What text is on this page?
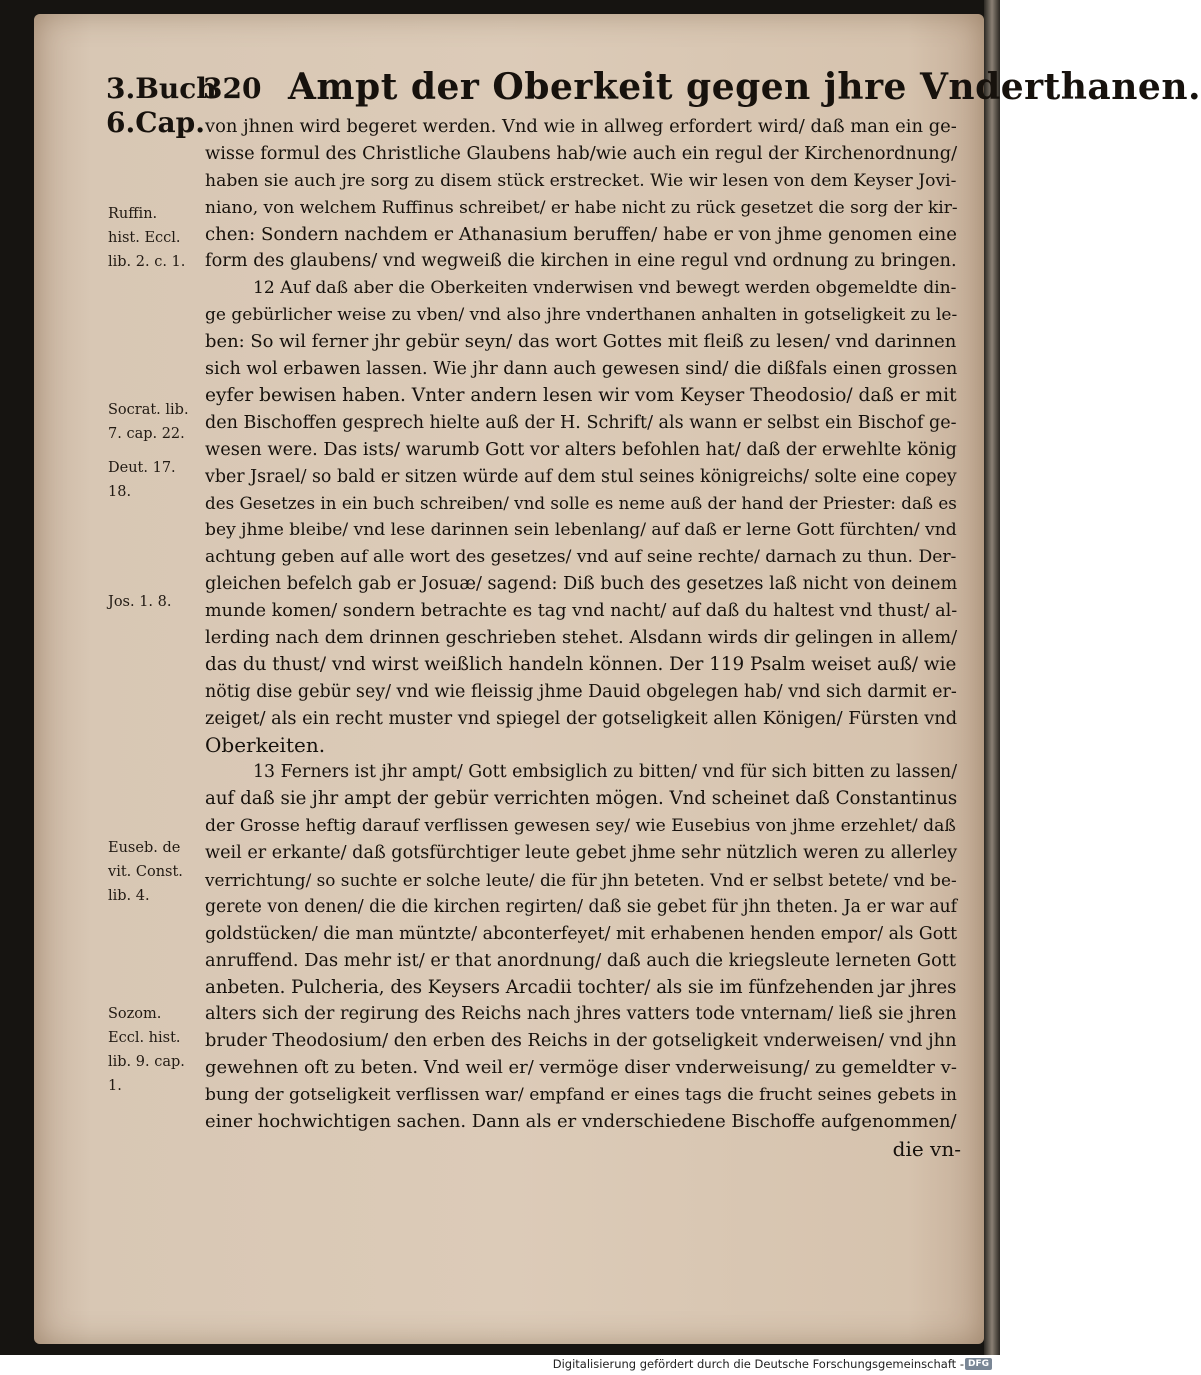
3.Buch
320 Ampt der Oberkeit gegen jhre Vnderthanen.
6.Cap. von jhnen wird begeret werden. Vnd wie in allweg erfordert wird/ daß man ein ge-
wisse formul des Christliche Glaubens hab/wie auch ein regul der Kirchenordnung/
haben sie auch jre sorg zu disem stück erstrecket. Wie wir lesen von dem Keyser Jovi-
niano, von welchem Ruffinus schreibet/ er habe nicht zu rück gesetzet die sorg der kir-
chen: Sondern nachdem er Athanasium beruffen/ habe er von jhme genomen eine
form des glaubens/ vnd wegweiß die kirchen in eine regul vnd ordnung zu bringen.
12 Auf daß aber die Oberkeiten vnderwisen vnd bewegt werden obgemeldte din-
ge gebürlicher weise zu vben/ vnd also jhre vnderthanen anhalten in gotseligkeit zu le-
ben: So wil ferner jhr gebür seyn/ das wort Gottes mit fleiß zu lesen/ vnd darinnen
sich wol erbawen lassen. Wie jhr dann auch gewesen sind/ die dißfals einen grossen
eyfer bewisen haben. Vnter andern lesen wir vom Keyser Theodosio/ daß er mit
den Bischoffen gesprech hielte auß der H. Schrift/ als wann er selbst ein Bischof ge-
wesen were. Das ists/ warumb Gott vor alters befohlen hat/ daß der erwehlte könig
vber Jsrael/ so bald er sitzen würde auf dem stul seines königreichs/ solte eine copey
des Gesetzes in ein buch schreiben/ vnd solle es neme auß der hand der Priester: daß es
bey jhme bleibe/ vnd lese darinnen sein lebenlang/ auf daß er lerne Gott fürchten/ vnd
achtung geben auf alle wort des gesetzes/ vnd auf seine rechte/ darnach zu thun. Der-
gleichen befelch gab er Josuæ/ sagend: Diß buch des gesetzes laß nicht von deinem
munde komen/ sondern betrachte es tag vnd nacht/ auf daß du haltest vnd thust/ al-
lerding nach dem drinnen geschrieben stehet. Alsdann wirds dir gelingen in allem/
das du thust/ vnd wirst weißlich handeln können. Der 119 Psalm weiset auß/ wie
nötig dise gebür sey/ vnd wie fleissig jhme Dauid obgelegen hab/ vnd sich darmit er-
zeiget/ als ein recht muster vnd spiegel der gotseligkeit allen Königen/ Fürsten vnd
Oberkeiten.
13 Ferners ist jhr ampt/ Gott embsiglich zu bitten/ vnd für sich bitten zu lassen/
auf daß sie jhr ampt der gebür verrichten mögen. Vnd scheinet daß Constantinus
der Grosse heftig darauf verflissen gewesen sey/ wie Eusebius von jhme erzehlet/ daß
weil er erkante/ daß gotsfürchtiger leute gebet jhme sehr nützlich weren zu allerley
verrichtung/ so suchte er solche leute/ die für jhn beteten. Vnd er selbst betete/ vnd be-
gerete von denen/ die die kirchen regirten/ daß sie gebet für jhn theten. Ja er war auf
goldstücken/ die man müntzte/ abconterfeyet/ mit erhabenen henden empor/ als Gott
anruffend. Das mehr ist/ er that anordnung/ daß auch die kriegsleute lerneten Gott
anbeten. Pulcheria, des Keysers Arcadii tochter/ als sie im fünfzehenden jar jhres
alters sich der regirung des Reichs nach jhres vatters tode vnternam/ ließ sie jhren
bruder Theodosium/ den erben des Reichs in der gotseligkeit vnderweisen/ vnd jhn
gewehnen oft zu beten. Vnd weil er/ vermöge diser vnderweisung/ zu gemeldter v-
bung der gotseligkeit verflissen war/ empfand er eines tags die frucht seines gebets in
einer hochwichtigen sachen. Dann als er vnderschiedene Bischoffe aufgenommen/
die vn-
Ruffin.
hist. Eccl.
lib. 2. c. 1.
Socrat. lib.
7. cap. 22.
Deut. 17.
18.
Jos. 1. 8.
Euseb. de
vit. Const.
lib. 4.
Sozom.
Eccl. hist.
lib. 9. cap.
1.
Digitalisierung gefördert durch die Deutsche Forschungsgemeinschaft - DFG
